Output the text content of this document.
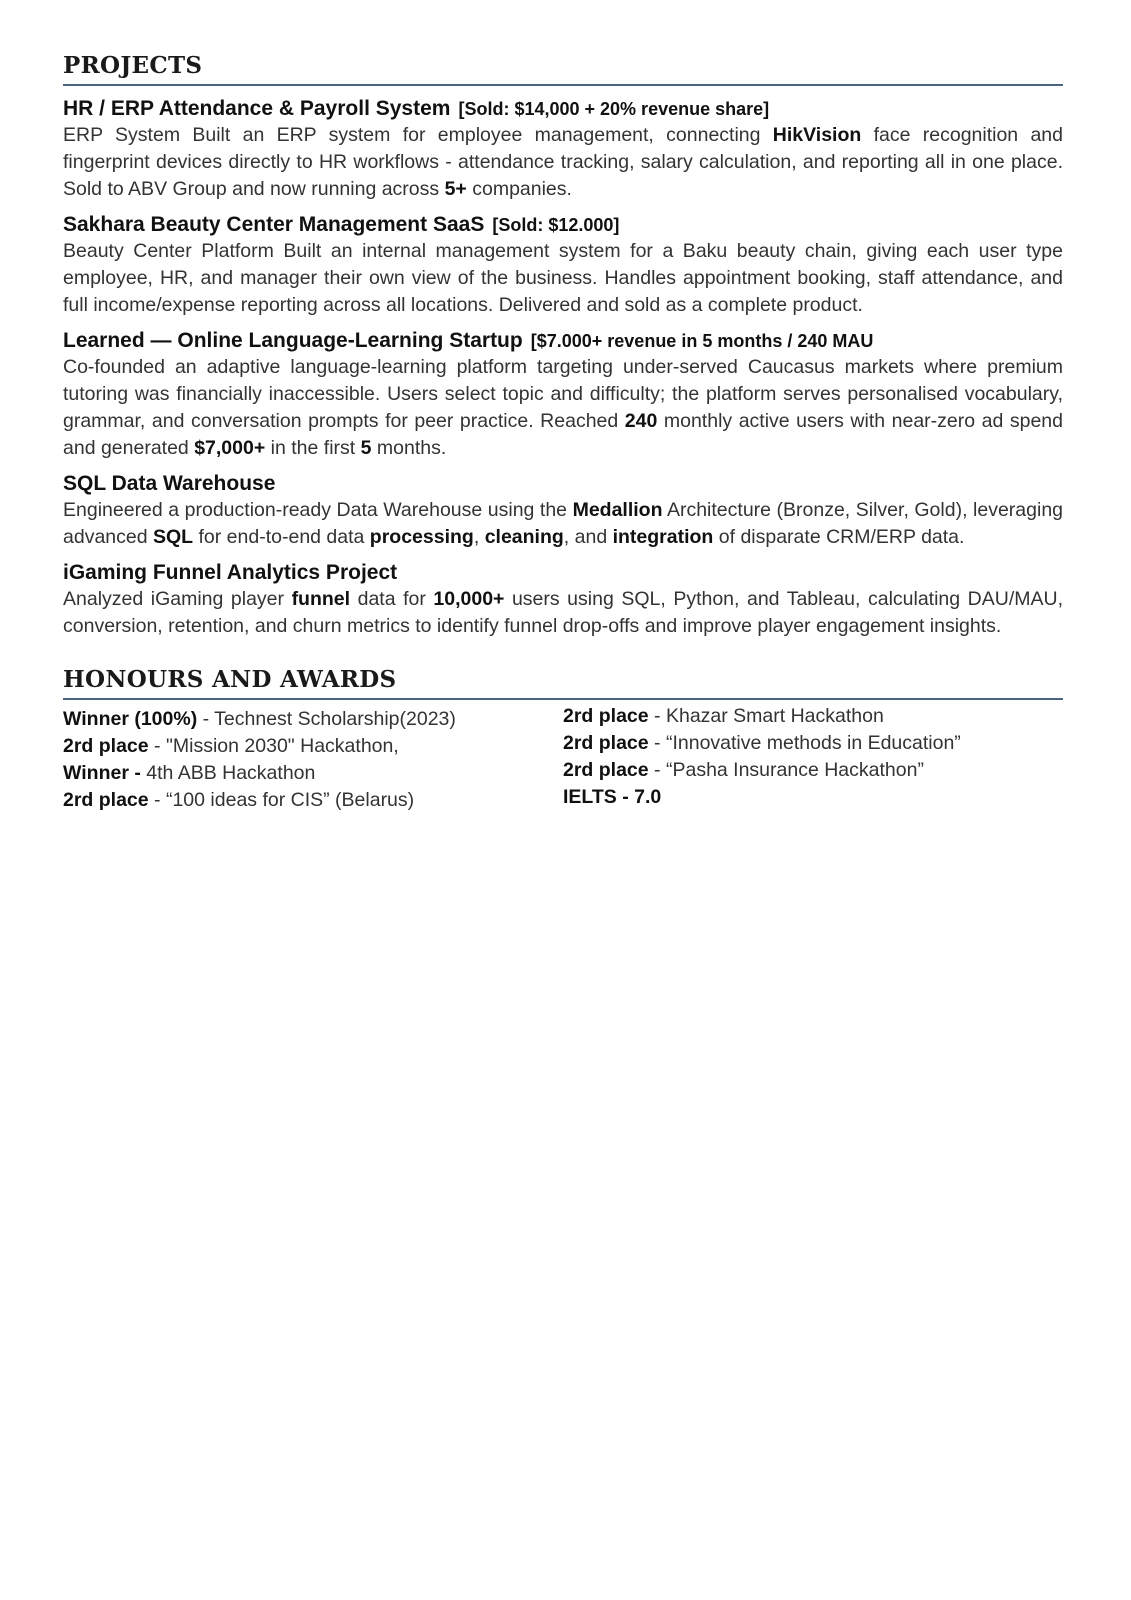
PROJECTS
HR / ERP Attendance & Payroll System [Sold: $14,000 + 20% revenue share]

ERP System Built an ERP system for employee management, connecting HikVision face recognition and fingerprint devices directly to HR workflows - attendance tracking, salary calculation, and reporting all in one place. Sold to ABV Group and now running across 5+ companies.

Sakhara Beauty Center Management SaaS [Sold: $12.000]

Beauty Center Platform Built an internal management system for a Baku beauty chain, giving each user type employee, HR, and manager their own view of the business. Handles appointment booking, staff attendance, and full income/expense reporting across all locations. Delivered and sold as a complete product.

Learned — Online Language-Learning Startup [$7.000+ revenue in 5 months / 240 MAU

Co-founded an adaptive language-learning platform targeting under-served Caucasus markets where premium tutoring was financially inaccessible. Users select topic and difficulty; the platform serves personalised vocabulary, grammar, and conversation prompts for peer practice. Reached 240 monthly active users with near-zero ad spend and generated $7,000+ in the first 5 months.

SQL Data Warehouse

Engineered a production-ready Data Warehouse using the Medallion Architecture (Bronze, Silver, Gold), leveraging advanced SQL for end-to-end data processing, cleaning, and integration of disparate CRM/ERP data.

iGaming Funnel Analytics Project

Analyzed iGaming player funnel data for 10,000+ users using SQL, Python, and Tableau, calculating DAU/MAU, conversion, retention, and churn metrics to identify funnel drop-offs and improve player engagement insights.

HONOURS AND AWARDS
Winner (100%) - Technest Scholarship(2023)
2rd place - "Mission 2030" Hackathon,
Winner - 4th ABB Hackathon
2rd place - “100 ideas for CIS” (Belarus)
2rd place - Khazar Smart Hackathon
2rd place - “Innovative methods in Education”
2rd place - “Pasha Insurance Hackathon”
IELTS - 7.0
